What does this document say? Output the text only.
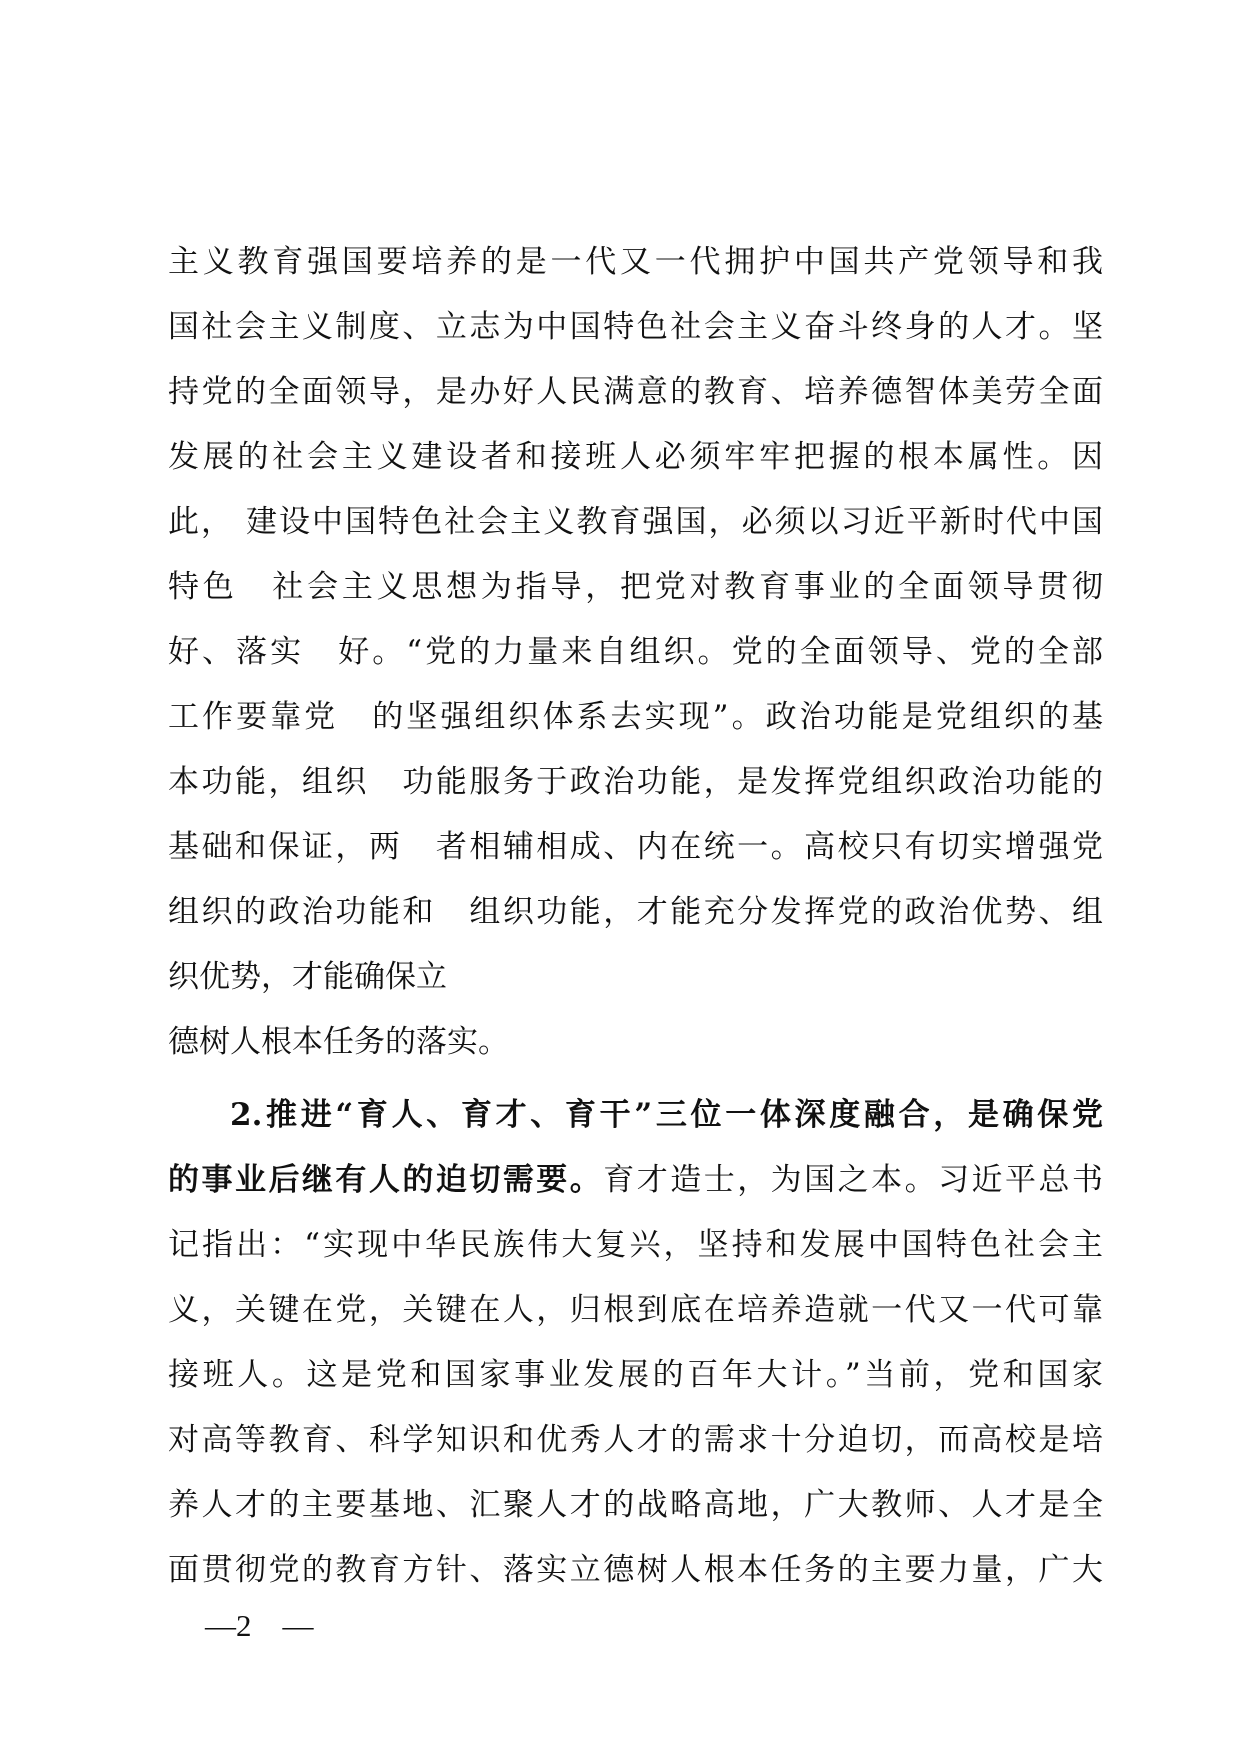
主义教育强国要培养的是一代又一代拥护中国共产党领导和我
国社会主义制度、立志为中国特色社会主义奋斗终身的人才。坚
持党的全面领导，是办好人民满意的教育、培养德智体美劳全面
发展的社会主义建设者和接班人必须牢牢把握的根本属性。因
此， 建设中国特色社会主义教育强国，必须以习近平新时代中国
特色　社会主义思想为指导，把党对教育事业的全面领导贯彻
好、落实　好。“党的力量来自组织。党的全面领导、党的全部
工作要靠党　的坚强组织体系去实现”。政治功能是党组织的基
本功能，组织　功能服务于政治功能，是发挥党组织政治功能的
基础和保证，两　者相辅相成、内在统一。高校只有切实增强党
组织的政治功能和　组织功能，才能充分发挥党的政治优势、组
织优势，才能确保立
德树人根本任务的落实。
2.推进“育人、育才、育干”三位一体深度融合，是确保党
的事业后继有人的迫切需要。育才造士，为国之本。习近平总书
记指出：“实现中华民族伟大复兴，坚持和发展中国特色社会主
义，关键在党，关键在人，归根到底在培养造就一代又一代可靠
接班人。这是党和国家事业发展的百年大计。”当前，党和国家
对高等教育、科学知识和优秀人才的需求十分迫切，而高校是培
养人才的主要基地、汇聚人才的战略高地，广大教师、人才是全
面贯彻党的教育方针、落实立德树人根本任务的主要力量，广大
—2　—
